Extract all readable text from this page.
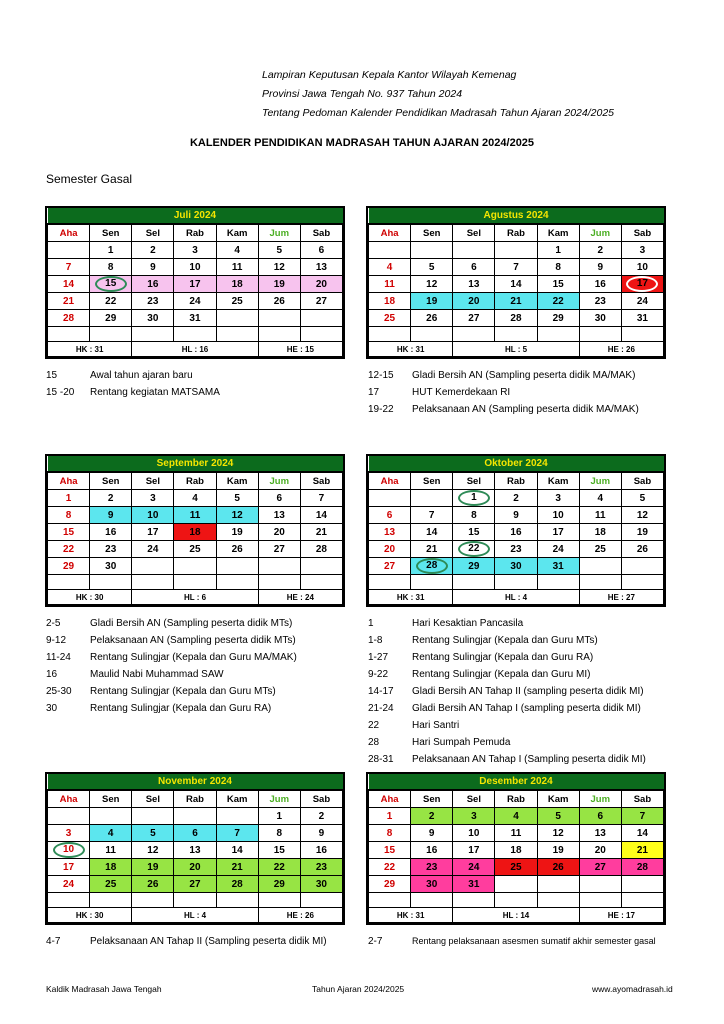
Lampiran Keputusan Kepala Kantor Wilayah Kemenag
Provinsi Jawa Tengah No. 937 Tahun 2024
Tentang Pedoman Kalender Pendidikan Madrasah Tahun Ajaran 2024/2025
KALENDER PENDIDIKAN MADRASAH TAHUN AJARAN 2024/2025
Semester Gasal
Juli 2024						
Aha	Sen	Sel	Rab	Kam	Jum	Sab
	1	2	3	4	5	6
7	8	9	10	11	12	13
14	15	16	17	18	19	20
21	22	23	24	25	26	27
28	29	30	31			

HK : 31		HL : 16			HE : 15	
Agustus 2024						
Aha	Sen	Sel	Rab	Kam	Jum	Sab
				1	2	3
4	5	6	7	8	9	10
11	12	13	14	15	16	17
18	19	20	21	22	23	24
25	26	27	28	29	30	31

HK : 31		HL : 5			HE : 26	
September 2024						
Aha	Sen	Sel	Rab	Kam	Jum	Sab
1	2	3	4	5	6	7
8	9	10	11	12	13	14
15	16	17	18	19	20	21
22	23	24	25	26	27	28
29	30					

HK : 30		HL : 6			HE : 24	
Oktober 2024						
Aha	Sen	Sel	Rab	Kam	Jum	Sab
		1	2	3	4	5
6	7	8	9	10	11	12
13	14	15	16	17	18	19
20	21	22	23	24	25	26
27	28	29	30	31		

HK : 31		HL : 4			HE : 27	
November 2024						
Aha	Sen	Sel	Rab	Kam	Jum	Sab
					1	2
3	4	5	6	7	8	9
10	11	12	13	14	15	16
17	18	19	20	21	22	23
24	25	26	27	28	29	30

HK : 30		HL : 4			HE : 26	
Desember 2024						
Aha	Sen	Sel	Rab	Kam	Jum	Sab
1	2	3	4	5	6	7
8	9	10	11	12	13	14
15	16	17	18	19	20	21
22	23	24	25	26	27	28
29	30	31				

HK : 31		HL : 14			HE : 17	
15	Awal tahun ajaran baru
15 -20 Rentang kegiatan MATSAMA
12-15 Gladi Bersih AN (Sampling peserta didik MA/MAK)
17	HUT Kemerdekaan RI
19-22 Pelaksanaan AN (Sampling peserta didik MA/MAK)
2-5	Gladi Bersih AN (Sampling peserta didik MTs)
9-12 Pelaksanaan AN (Sampling peserta didik MTs)
11-24 Rentang Sulingjar (Kepala dan Guru MA/MAK)
16	Maulid Nabi Muhammad SAW
25-30 Rentang Sulingjar (Kepala dan Guru MTs)
30	Rentang Sulingjar (Kepala dan Guru RA)
1	Hari Kesaktian Pancasila
1-8	Rentang Sulingjar (Kepala dan Guru MTs)
1-27 Rentang Sulingjar (Kepala dan Guru RA)
9-22 Rentang Sulingjar (Kepala dan Guru MI)
14-17 Gladi Bersih AN Tahap II (sampling peserta didik MI)
21-24 Gladi Bersih AN Tahap I (sampling peserta didik MI)
22	Hari Santri
28	Hari Sumpah Pemuda
28-31 Pelaksanaan AN Tahap I (Sampling peserta didik MI)
4-7	Pelaksanaan AN Tahap II (Sampling peserta didik MI)	2-7	Rentang pelaksanaan asesmen sumatif akhir semester gasal
Kaldik Madrasah Jawa Tengah	Tahun Ajaran 2024/2025	www.ayomadrasah.id
